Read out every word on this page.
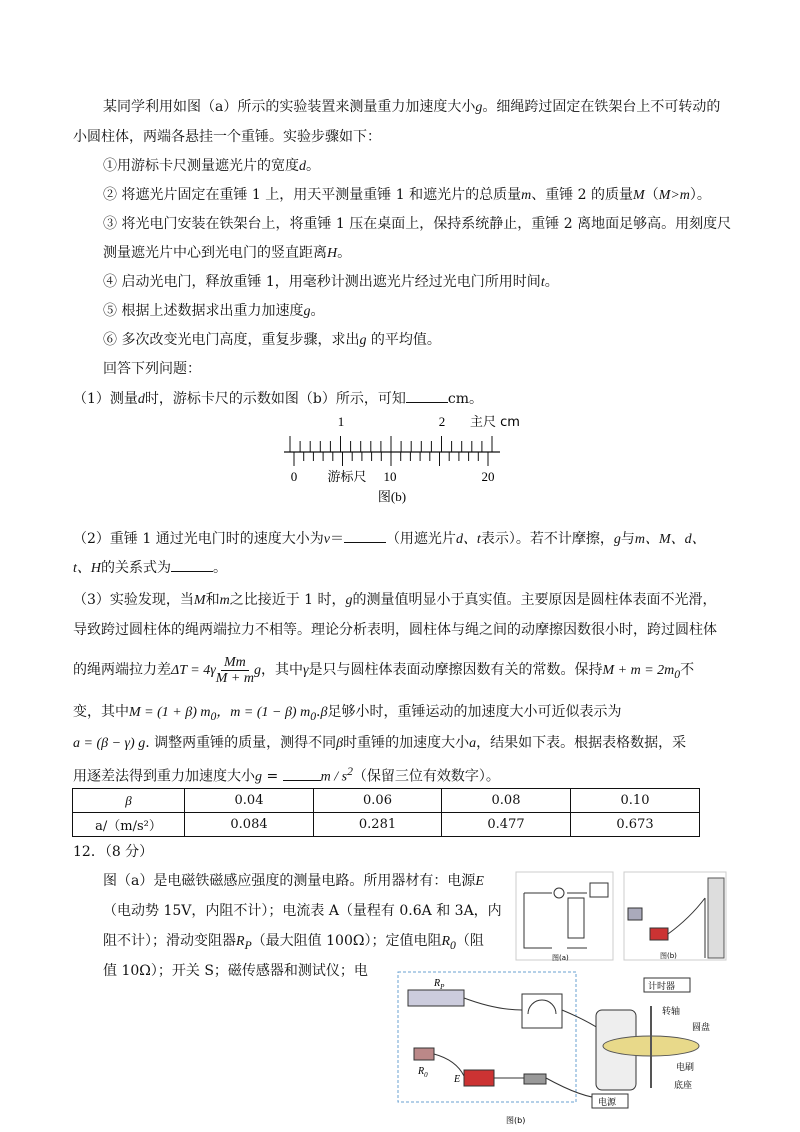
某同学利用如图（a）所示的实验装置来测量重力加速度大小g。细绳跨过固定在铁架台上不可转动的
小圆柱体，两端各悬挂一个重锤。实验步骤如下：
①用游标卡尺测量遮光片的宽度d。
② 将遮光片固定在重锤 1 上，用天平测量重锤 1 和遮光片的总质量m、重锤 2 的质量M（M>m）。
③ 将光电门安装在铁架台上，将重锤 1 压在桌面上，保持系统静止，重锤 2 离地面足够高。用刻度尺
测量遮光片中心到光电门的竖直距离H。
④ 启动光电门，释放重锤 1，用毫秒计测出遮光片经过光电门所用时间t。
⑤ 根据上述数据求出重力加速度g。
⑥ 多次改变光电门高度，重复步骤，求出g 的平均值。
回答下列问题：
（1）测量d时，游标卡尺的示数如图（b）所示，可知	cm。
1	2 主尺 cm
0 游标尺 10	20
图(b)
（2）重锤 1 通过光电门时的速度大小为v＝	（用遮光片d、t表示）。若不计摩擦，g与m、M、d、
t、H的关系式为	。
（3）实验发现，当M和m之比接近于 1 时，g的测量值明显小于真实值。主要原因是圆柱体表面不光滑，
导致跨过圆柱体的绳两端拉力不相等。理论分析表明，圆柱体与绳之间的动摩擦因数很小时，跨过圆柱体
的绳两端拉力差$\Delta T = 4\gamma \frac{Mm}{M + m}$ g，其中γ是只与圆柱体表面动摩擦因数有关的常数。保持$M + m = 2m_0$不
变，其中M = (1 + β) $m_0$，m = (1 − β) $m_0.\beta$足够小时，重锤运动的加速度大小可近似表示为
a = (β − γ) g. 调整两重锤的质量，测得不同β时重锤的加速度大小a，结果如下表。根据表格数据，采
用逐差法得到重力加速度大小g =	m / $s^2$（保留三位有效数字）。
β	0.04	0.06	0.08	0.10
a/（m/s²）	0.084	0.281	0.477	0.673
12．（8 分）
图（a）是电磁铁磁感应强度的测量电路。所用器材有：电源E
（电动势 15V，内阻不计）；电流表 A（量程有 0.6A 和 3A，内
阻不计）；滑动变阻器$R_P$（最大阻值 100Ω）；定值电阻$R_0$（阻
值 10Ω）；开关 S；磁传感器和测试仪；电
图(a)	图(b)
$R_P$
$R_0$	E
计时器
转轴
圆盘
电刷
底座
电源
图(b)
